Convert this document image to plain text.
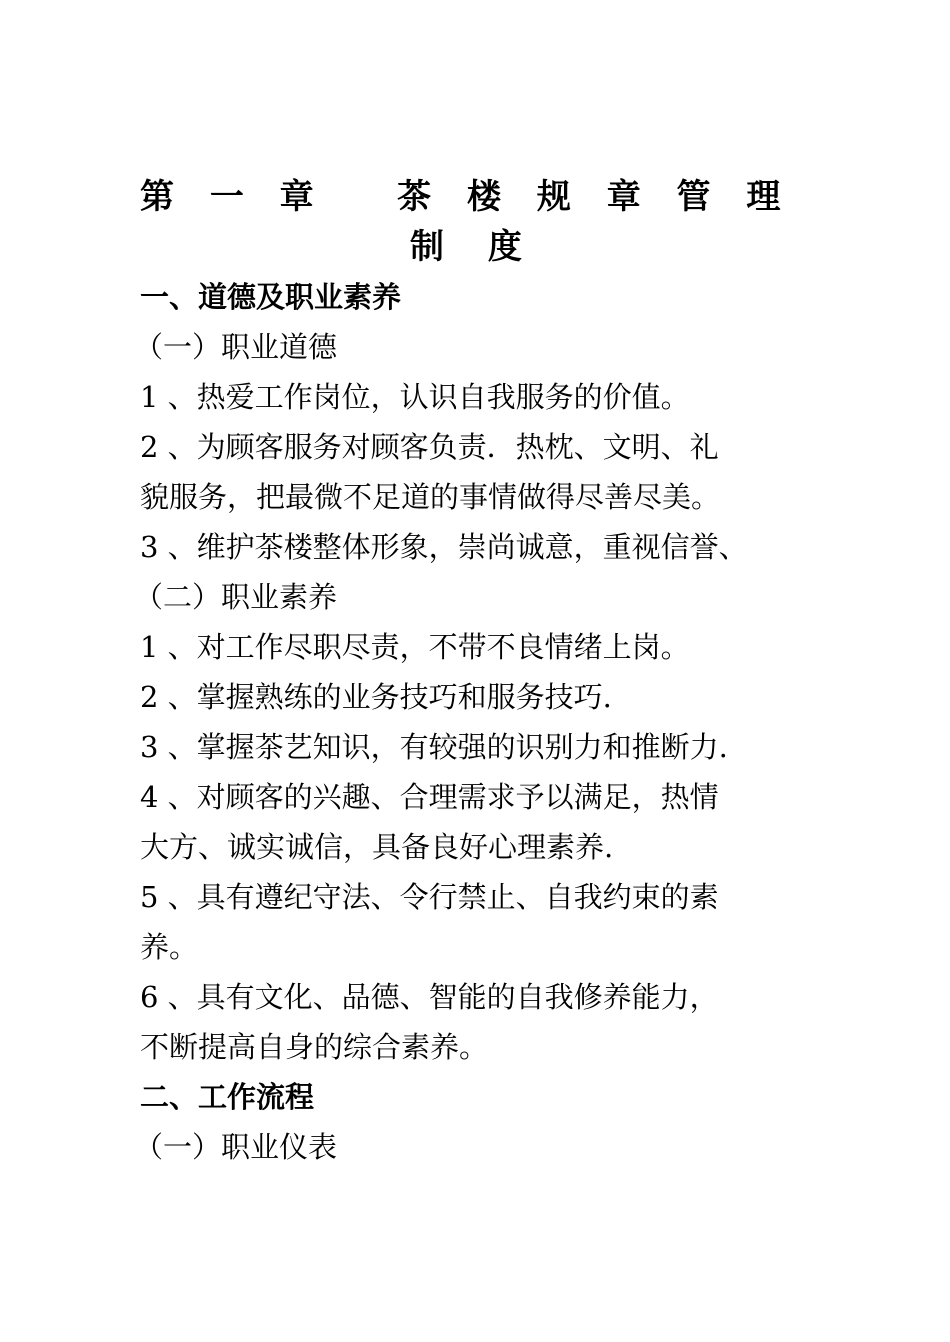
第 一 章   茶 楼 规 章 管 理
制 度
一、道德及职业素养
（一）职业道德
1 、热爱工作岗位，认识自我服务的价值。
2 、为顾客服务对顾客负责．热枕、文明、礼
貌服务，把最微不足道的事情做得尽善尽美。
3 、维护茶楼整体形象，崇尚诚意，重视信誉、
（二）职业素养
1 、对工作尽职尽责，不带不良情绪上岗。
2 、掌握熟练的业务技巧和服务技巧.
3 、掌握茶艺知识，有较强的识别力和推断力.
4 、对顾客的兴趣、合理需求予以满足，热情
大方、诚实诚信，具备良好心理素养.
5 、具有遵纪守法、令行禁止、自我约束的素
养。
6 、具有文化、品德、智能的自我修养能力，
不断提高自身的综合素养。
二、工作流程
（一）职业仪表
